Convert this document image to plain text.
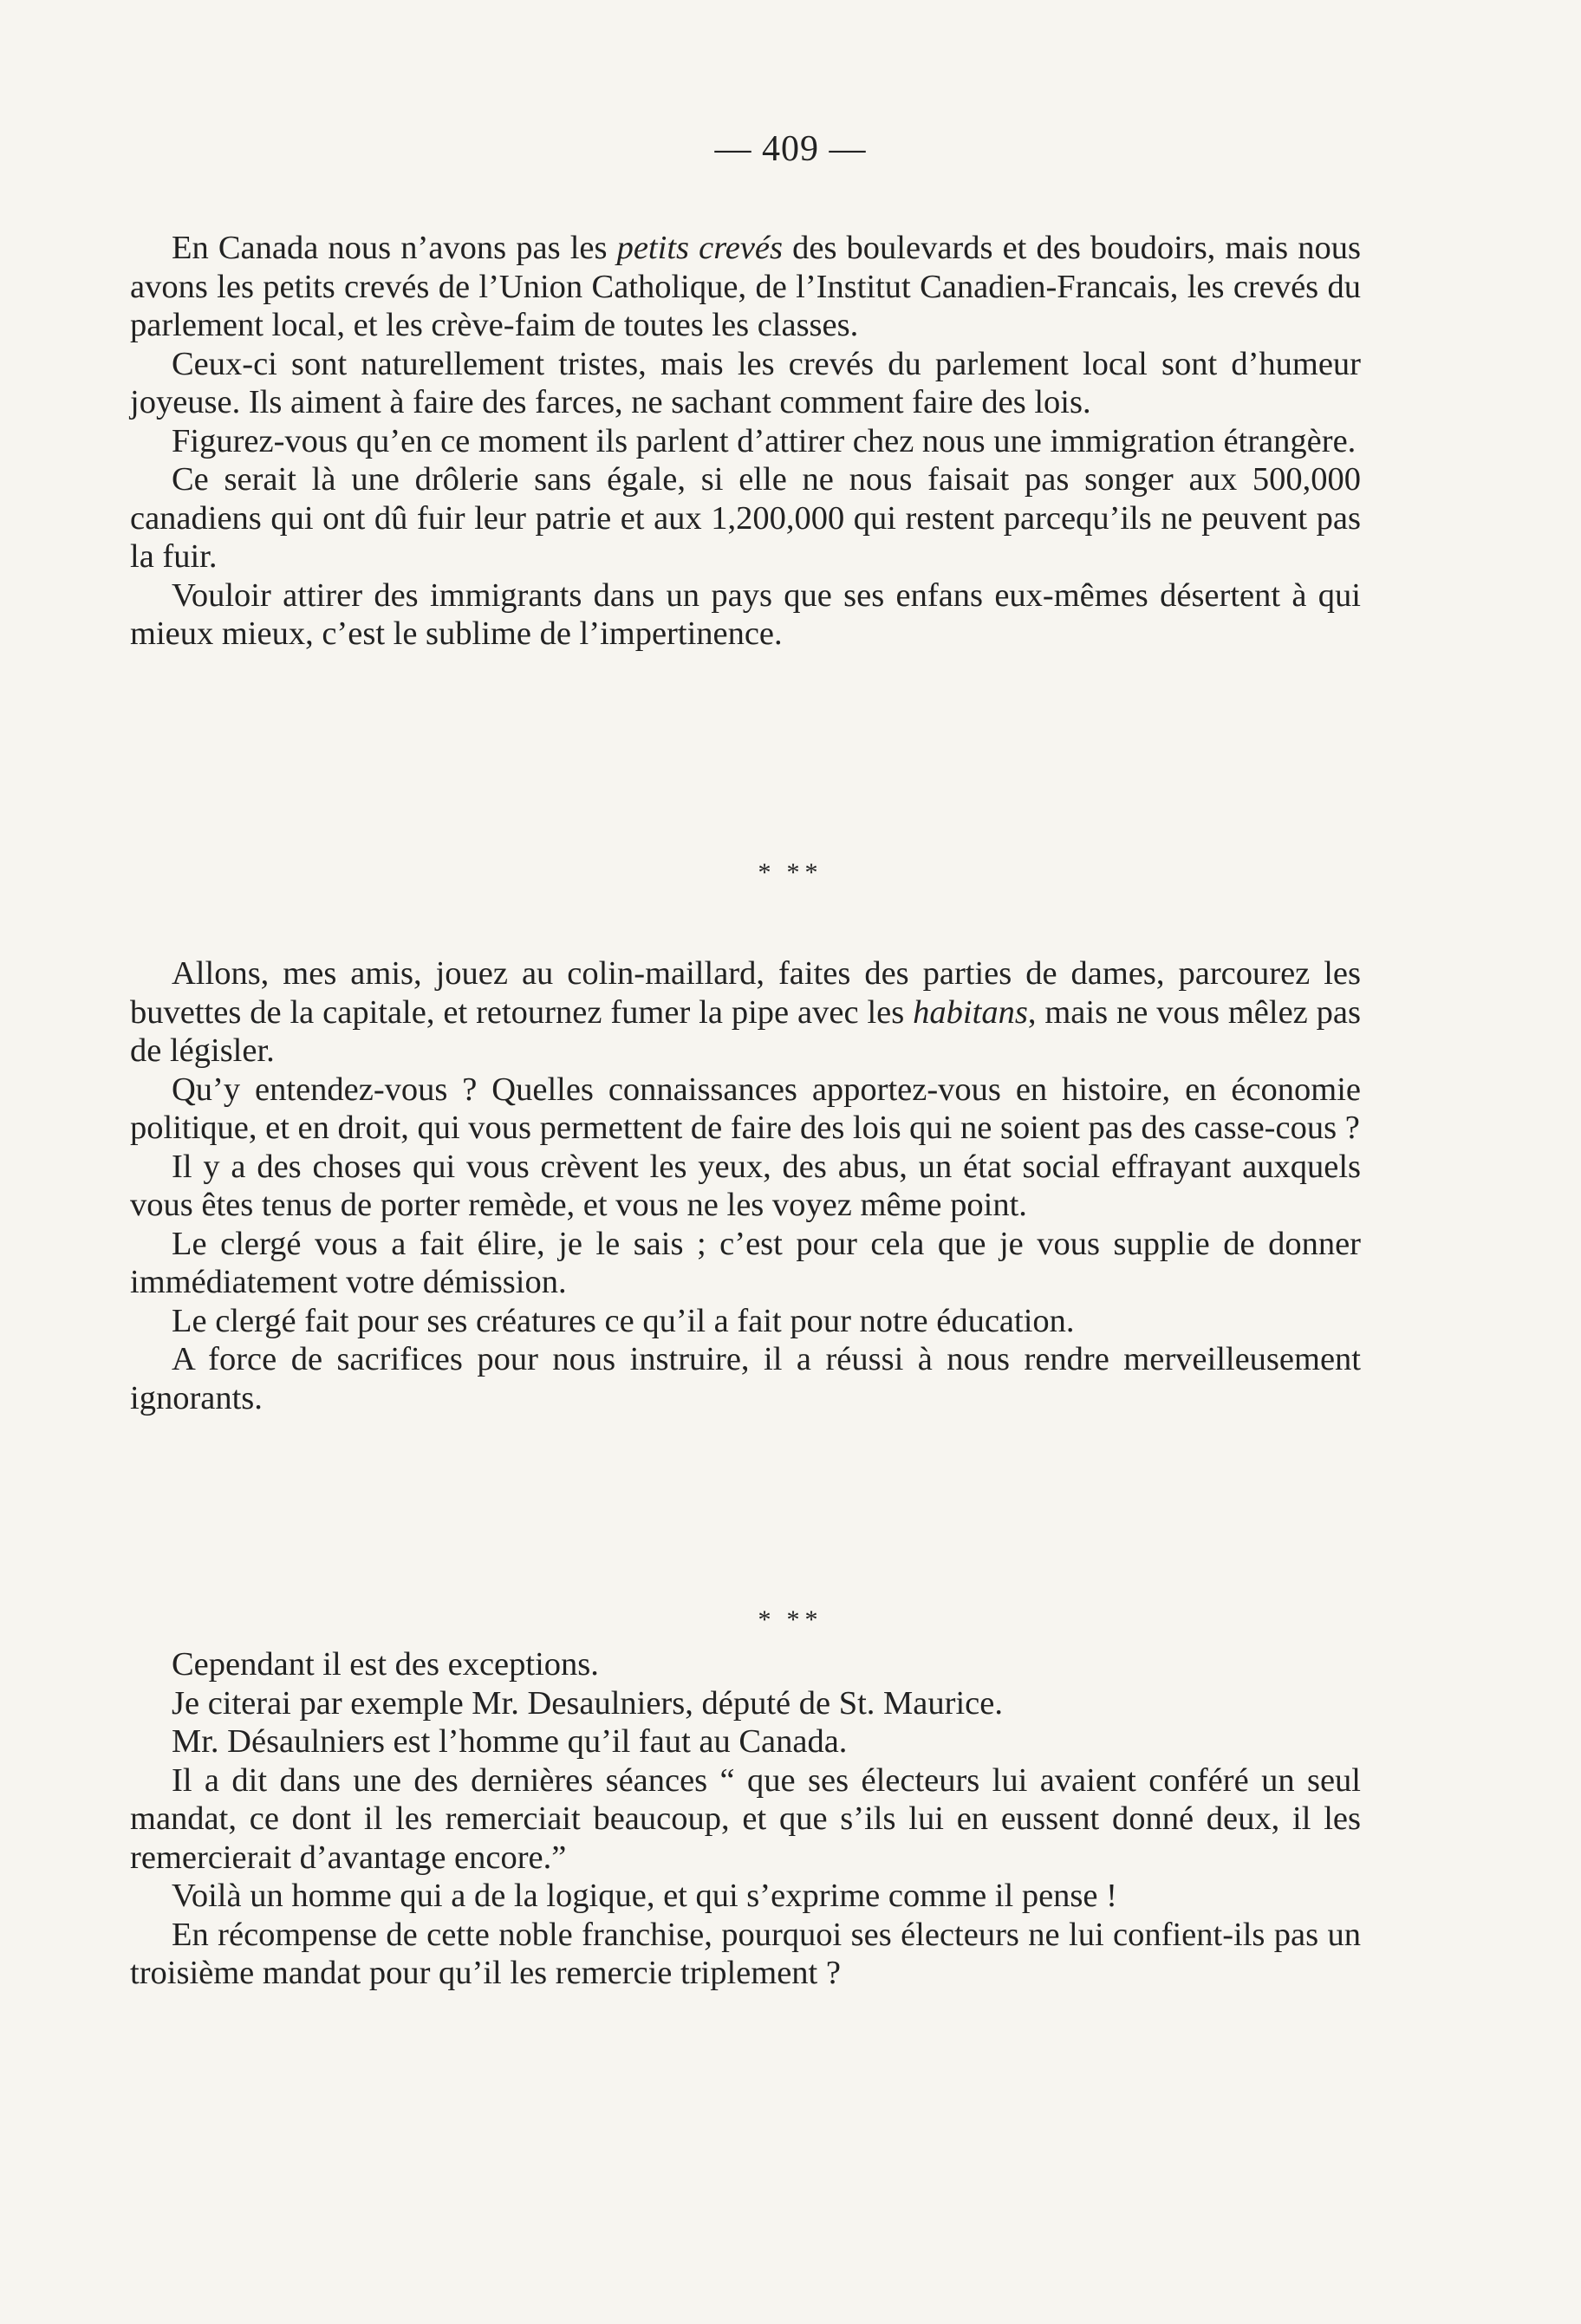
— 409 —

En Canada nous n’avons pas les petits crevés des boulevards et des boudoirs, mais nous avons les petits crevés de l’Union Catholique, de l’Institut Canadien-Francais, les crevés du parlement local, et les crève-faim de toutes les classes.

Ceux-ci sont naturellement tristes, mais les crevés du parlement local sont d’humeur joyeuse. Ils aiment à faire des farces, ne sachant comment faire des lois.

Figurez-vous qu’en ce moment ils parlent d’attirer chez nous une immigration étrangère.

Ce serait là une drôlerie sans égale, si elle ne nous faisait pas songer aux 500,000 canadiens qui ont dû fuir leur patrie et aux 1,200,000 qui restent parcequ’ils ne peuvent pas la fuir.

Vouloir attirer des immigrants dans un pays que ses enfans eux-mêmes désertent à qui mieux mieux, c’est le sublime de l’impertinence.

* **

Allons, mes amis, jouez au colin-maillard, faites des parties de dames, parcourez les buvettes de la capitale, et retournez fumer la pipe avec les habitans, mais ne vous mêlez pas de législer.

Qu’y entendez-vous ? Quelles connaissances apportez-vous en histoire, en économie politique, et en droit, qui vous permettent de faire des lois qui ne soient pas des casse-cous ?

Il y a des choses qui vous crèvent les yeux, des abus, un état social effrayant auxquels vous êtes tenus de porter remède, et vous ne les voyez même point.

Le clergé vous a fait élire, je le sais ; c’est pour cela que je vous supplie de donner immédiatement votre démission.

Le clergé fait pour ses créatures ce qu’il a fait pour notre éducation.

A force de sacrifices pour nous instruire, il a réussi à nous rendre merveilleusement ignorants.

* **

Cependant il est des exceptions.

Je citerai par exemple Mr. Desaulniers, député de St. Maurice.

Mr. Désaulniers est l’homme qu’il faut au Canada.

Il a dit dans une des dernières séances “ que ses électeurs lui avaient conféré un seul mandat, ce dont il les remerciait beaucoup, et que s’ils lui en eussent donné deux, il les remercierait d’avantage encore.”

Voilà un homme qui a de la logique, et qui s’exprime comme il pense !

En récompense de cette noble franchise, pourquoi ses électeurs ne lui confient-ils pas un troisième mandat pour qu’il les remercie triplement ?
